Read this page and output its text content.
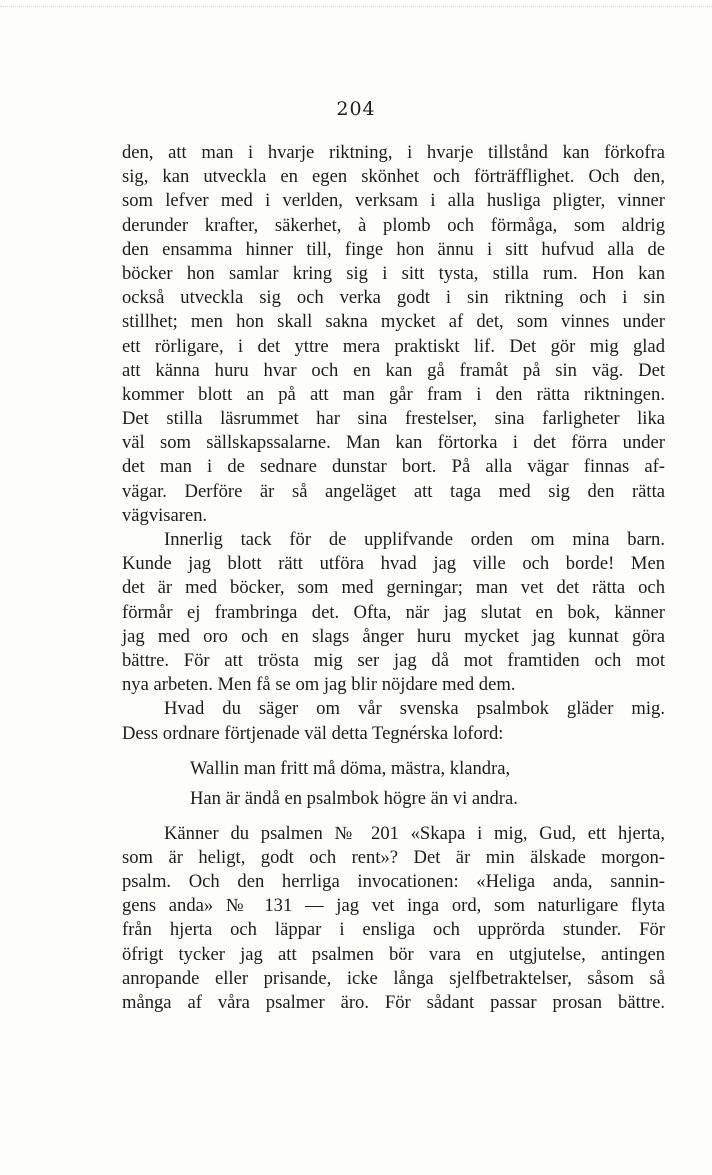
204
den, att man i hvarje riktning, i hvarje tillstånd kan förkofra
sig, kan utveckla en egen skönhet och förträfflighet. Och den,
som lefver med i verlden, verksam i alla husliga pligter, vinner
derunder krafter, säkerhet, à plomb och förmåga, som aldrig
den ensamma hinner till, finge hon ännu i sitt hufvud alla de
böcker hon samlar kring sig i sitt tysta, stilla rum. Hon kan
också utveckla sig och verka godt i sin riktning och i sin
stillhet; men hon skall sakna mycket af det, som vinnes under
ett rörligare, i det yttre mera praktiskt lif. Det gör mig glad
att känna huru hvar och en kan gå framåt på sin väg. Det
kommer blott an på att man går fram i den rätta riktningen.
Det stilla läsrummet har sina frestelser, sina farligheter lika
väl som sällskapssalarne. Man kan förtorka i det förra under
det man i de sednare dunstar bort. På alla vägar finnas af-
vägar. Derföre är så angeläget att taga med sig den rätta
vägvisaren.
Innerlig tack för de upplifvande orden om mina barn.
Kunde jag blott rätt utföra hvad jag ville och borde! Men
det är med böcker, som med gerningar; man vet det rätta och
förmår ej frambringa det. Ofta, när jag slutat en bok, känner
jag med oro och en slags ånger huru mycket jag kunnat göra
bättre. För att trösta mig ser jag då mot framtiden och mot
nya arbeten. Men få se om jag blir nöjdare med dem.
Hvad du säger om vår svenska psalmbok gläder mig.
Dess ordnare förtjenade väl detta Tegnérska loford:
Wallin man fritt må döma, mästra, klandra,
Han är ändå en psalmbok högre än vi andra.
Känner du psalmen № 201 «Skapa i mig, Gud, ett hjerta,
som är heligt, godt och rent»? Det är min älskade morgon-
psalm. Och den herrliga invocationen: «Heliga anda, sannin-
gens anda» № 131 — jag vet inga ord, som naturligare flyta
från hjerta och läppar i ensliga och upprörda stunder. För
öfrigt tycker jag att psalmen bör vara en utgjutelse, antingen
anropande eller prisande, icke långa sjelfbetraktelser, såsom så
många af våra psalmer äro. För sådant passar prosan bättre.
